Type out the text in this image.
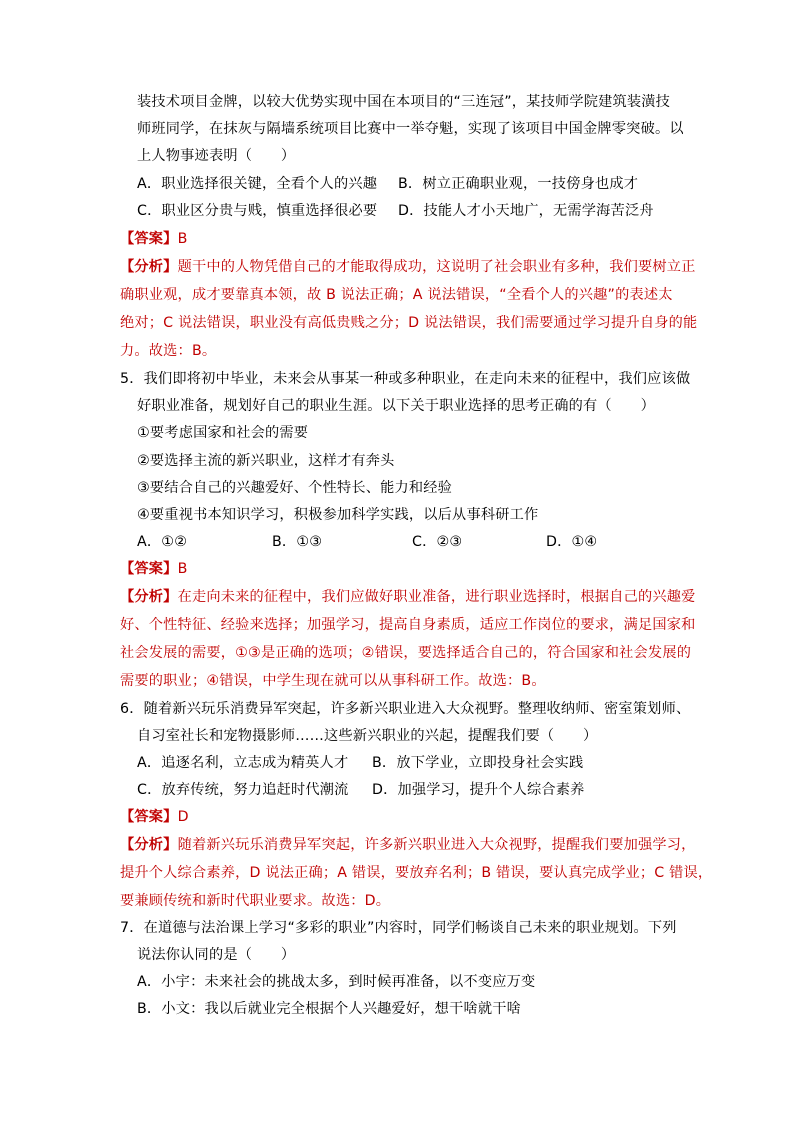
装技术项目金牌，以较大优势实现中国在本项目的“三连冠”，某技师学院建筑装潢技
师班同学，在抹灰与隔墙系统项目比赛中一举夺魁，实现了该项目中国金牌零突破。以
上人物事迹表明（　　）
A．职业选择很关键，全看个人的兴趣 B．树立正确职业观，一技傍身也成才
C．职业区分贵与贱，慎重选择很必要 D．技能人才小天地广，无需学海苦泛舟
【答案】B
【分析】题干中的人物凭借自己的才能取得成功，这说明了社会职业有多种，我们要树立正
确职业观，成才要靠真本领，故 B 说法正确；A 说法错误，“全看个人的兴趣”的表述太
绝对；C 说法错误，职业没有高低贵贱之分；D 说法错误，我们需要通过学习提升自身的能
力。故选：B。
5．我们即将初中毕业，未来会从事某一种或多种职业，在走向未来的征程中，我们应该做
好职业准备，规划好自己的职业生涯。以下关于职业选择的思考正确的有（　　）
①要考虑国家和社会的需要
②要选择主流的新兴职业，这样才有奔头
③要结合自己的兴趣爱好、个性特长、能力和经验
④要重视书本知识学习，积极参加科学实践，以后从事科研工作
A．①②	B．①③	C．②③	D．①④
【答案】B
【分析】在走向未来的征程中，我们应做好职业准备，进行职业选择时，根据自己的兴趣爱
好、个性特征、经验来选择；加强学习，提高自身素质，适应工作岗位的要求，满足国家和
社会发展的需要，①③是正确的选项；②错误，要选择适合自己的，符合国家和社会发展的
需要的职业；④错误，中学生现在就可以从事科研工作。故选：B。
6．随着新兴玩乐消费异军突起，许多新兴职业进入大众视野。整理收纳师、密室策划师、
自习室社长和宠物摄影师……这些新兴职业的兴起，提醒我们要（　　）
A．追逐名利，立志成为精英人才 B．放下学业，立即投身社会实践
C．放弃传统，努力追赶时代潮流 D．加强学习，提升个人综合素养
【答案】D
【分析】随着新兴玩乐消费异军突起，许多新兴职业进入大众视野，提醒我们要加强学习，
提升个人综合素养，D 说法正确；A 错误，要放弃名利；B 错误，要认真完成学业；C 错误，
要兼顾传统和新时代职业要求。故选：D。
7．在道德与法治课上学习“多彩的职业”内容时，同学们畅谈自己未来的职业规划。下列
说法你认同的是（　　）
A．小宇：未来社会的挑战太多，到时候再准备，以不变应万变
B．小文：我以后就业完全根据个人兴趣爱好，想干啥就干啥
